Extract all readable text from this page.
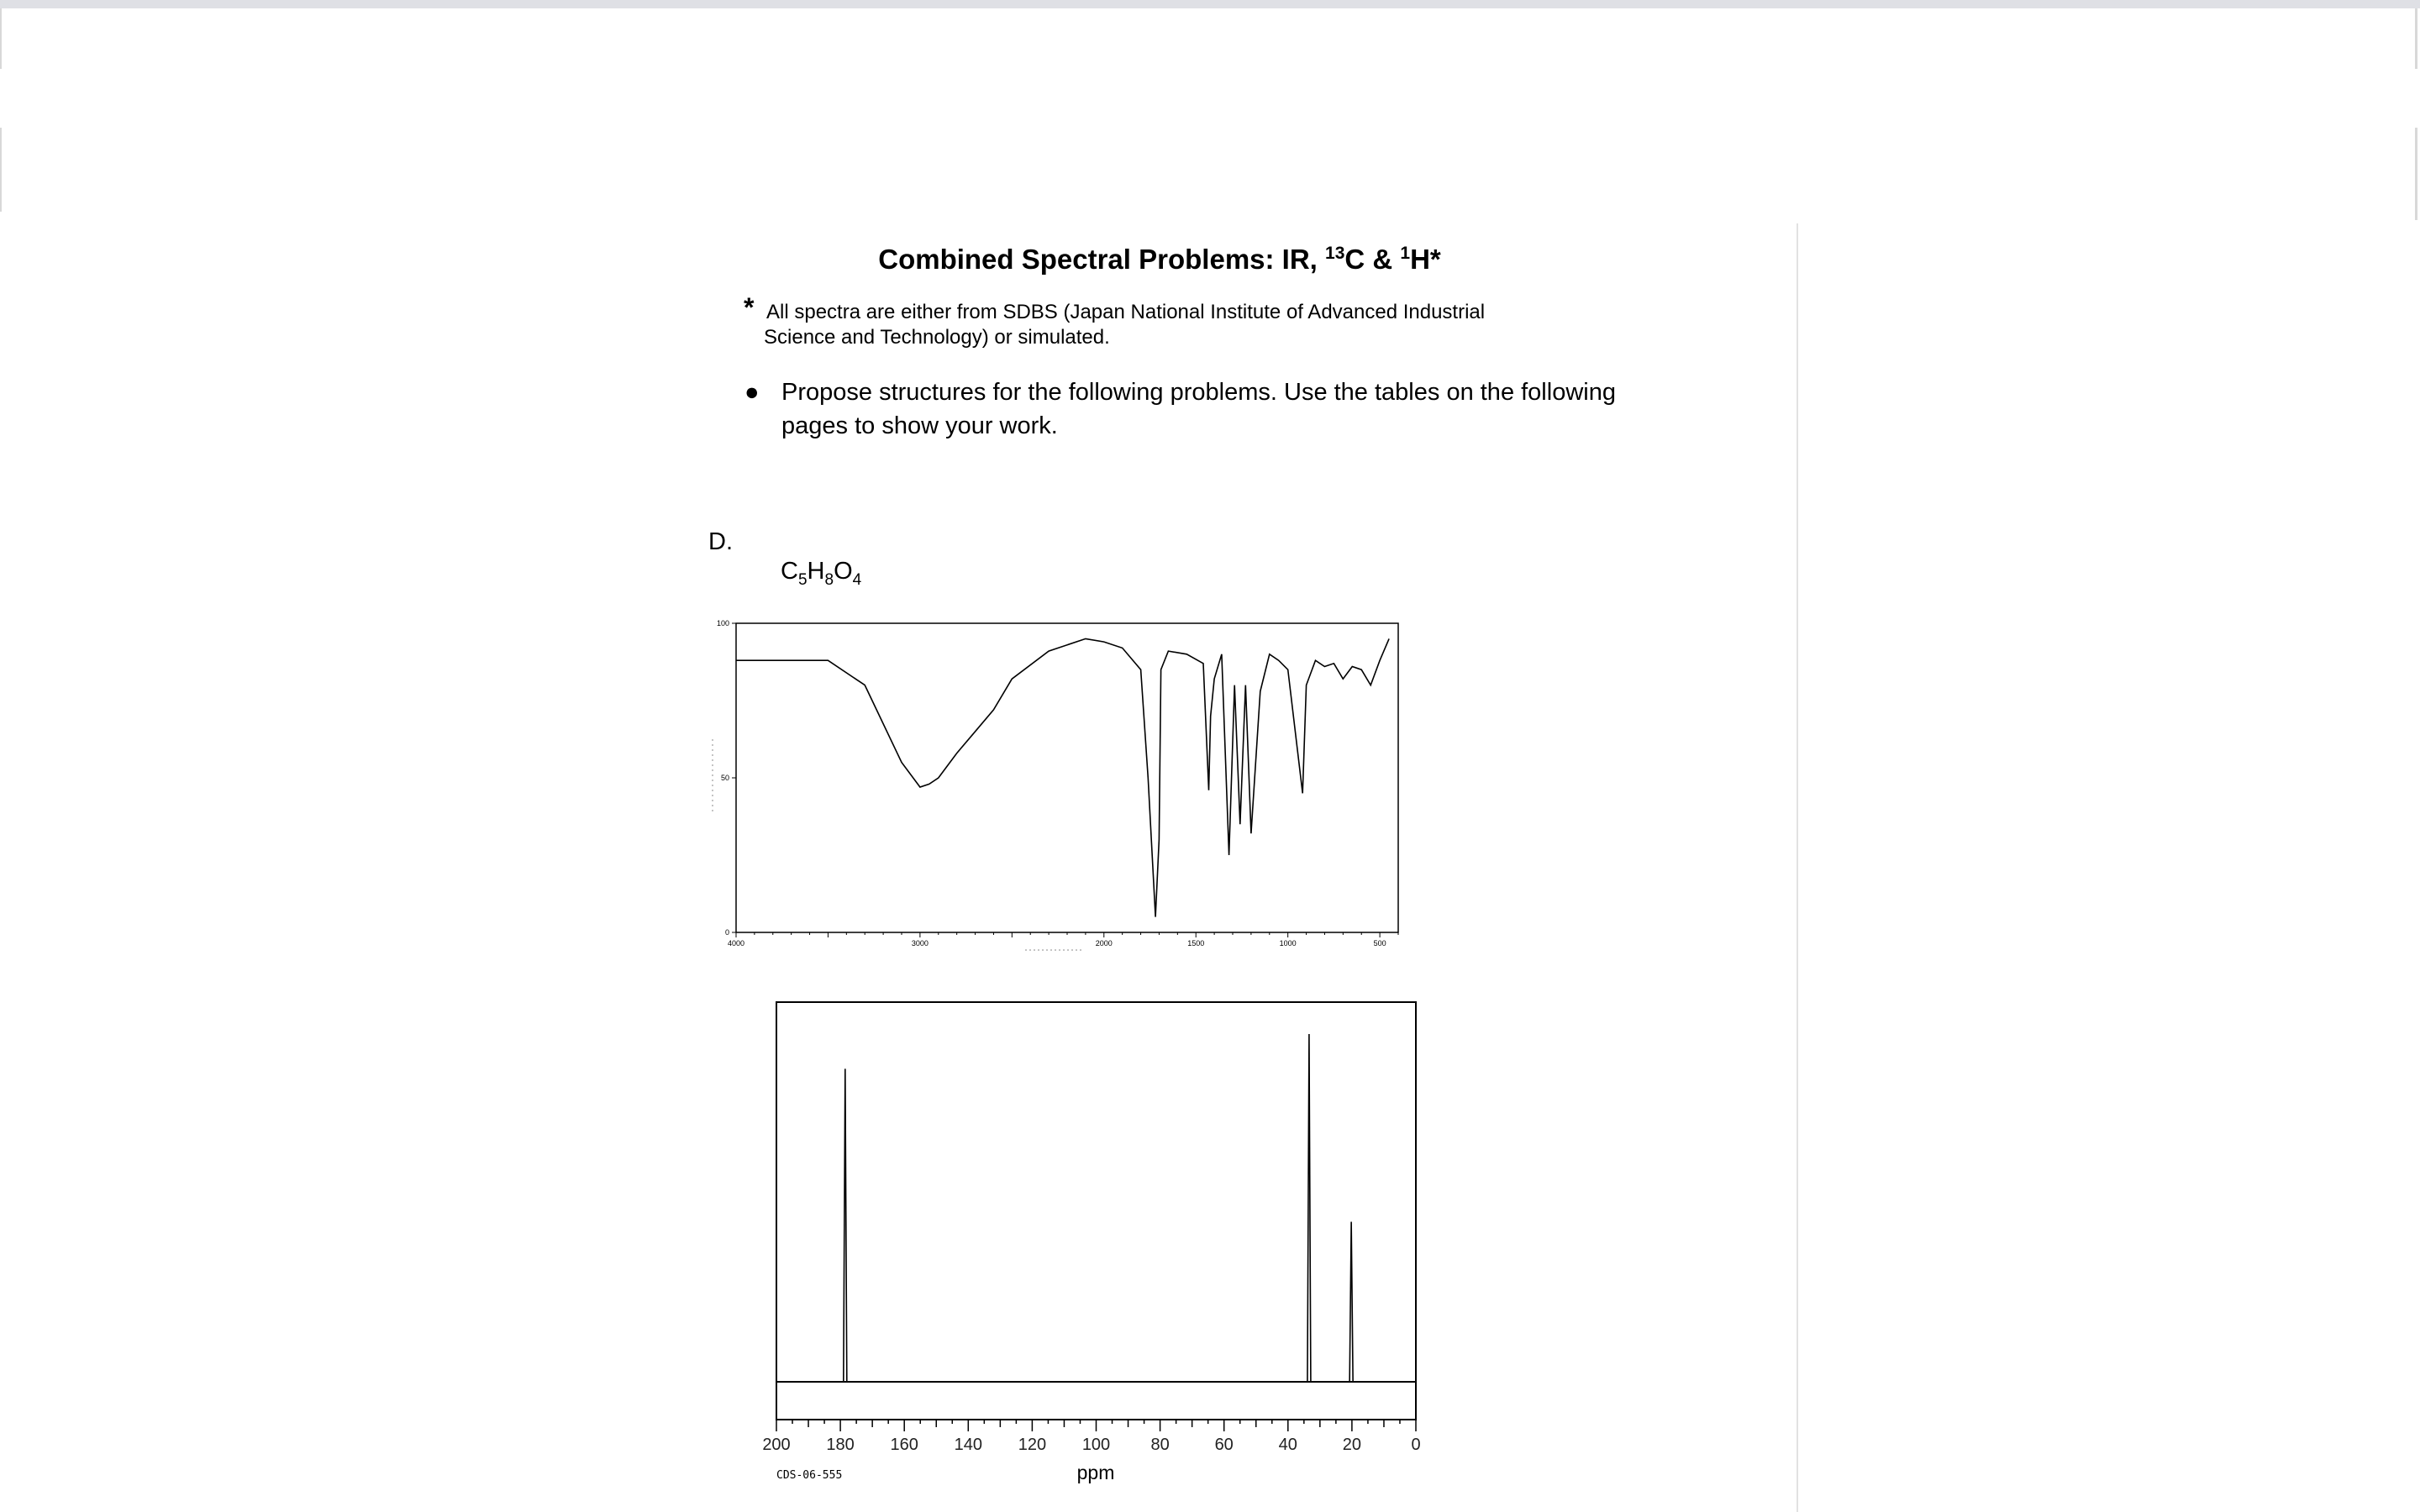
Combined Spectral Problems: IR, $^{13}$C & $^1$H*
* All spectra are either from SDBS (Japan National Institute of Advanced Industrial
Science and Technology) or simulated.
● Propose structures for the following problems. Use the tables on the following pages to show your work.
D.
$C_5H_8O_4$
100
50
0
4000	3000	2000	1500	1000	500
200 180 160 140 120 100 80	60	40	20	0
ppm
CDS-06-555
